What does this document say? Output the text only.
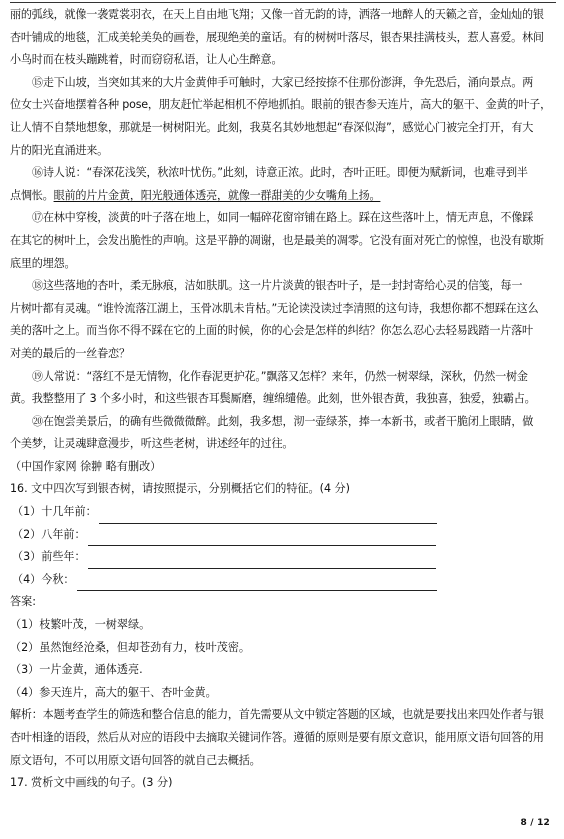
丽的弧线，就像一袭霓裳羽衣，在天上自由地飞翔；又像一首无韵的诗，洒落一地醉人的天籁之音，金灿灿的银
杏叶铺成的地毯，汇成美轮美奂的画卷，展现绝美的童话。有的树树叶落尽，银杏果挂满枝头，惹人喜爱。林间
小鸟时而在枝头蹦跳着，时而窃窃私语，让人心生醉意。

⑮走下山坡，当突如其来的大片金黄伸手可触时，大家已经按捺不住那份澎湃，争先恐后，涌向景点。两
位女士兴奋地摆着各种 pose，朋友赶忙举起相机不停地抓拍。眼前的银杏参天连片，高大的躯干、金黄的叶子，
让人情不自禁地想象，那就是一树树阳光。此刻，我莫名其妙地想起“春深似海”，感觉心门被完全打开，有大
片的阳光直涌进来。

⑯诗人说：“春深花浅笑，秋浓叶忧伤。”此刻，诗意正浓。此时，杏叶正旺。即便为赋新词，也难寻到半
点惆怅。眼前的片片金黄，阳光般通体透亮，就像一群甜美的少女嘴角上扬。

⑰在林中穿梭，淡黄的叶子落在地上，如同一幅碎花窗帘铺在路上。踩在这些落叶上，情无声息，不像踩
在其它的树叶上，会发出脆性的声响。这是平静的凋谢，也是最美的凋零。它没有面对死亡的惊惶，也没有歇斯
底里的埋怨。

⑱这些落地的杏叶，柔无脉痕，洁如肤肌。这一片片淡黄的银杏叶子，是一封封寄给心灵的信笺，每一
片树叶都有灵魂。“谁怜流落江湖上，玉骨冰肌未肯枯。”无论读没读过李清照的这句诗，我想你都不想踩在这么
美的落叶之上。而当你不得不踩在它的上面的时候，你的心会是怎样的纠结？你怎么忍心去轻易践踏一片落叶
对美的最后的一丝眷恋？

⑲人常说：“落红不是无情物，化作春泥更护花。”飘落又怎样？来年，仍然一树翠绿，深秋，仍然一树金
黄。我整整用了 3 个多小时，和这些银杏耳鬓厮磨，缠绵缱倦。此刻，世外银杏黄，我独喜，独爱，独霸占。

⑳在饱尝美景后，的确有些微微微醉。此刻，我多想，沏一壶绿茶，捧一本新书，或者干脆闭上眼睛，做
个美梦，让灵魂肆意漫步，听这些老树，讲述经年的过往。

（中国作家网 徐翀 略有删改）

16. 文中四次写到银杏树，请按照提示，分别概括它们的特征。(4 分)

（1）十几年前：
（2）八年前：
（3）前些年：
（4）今秋：

答案:

（1）枝繁叶茂，一树翠绿。

（2）虽然饱经沧桑，但却苍劲有力，枝叶茂密。

（3）一片金黄，通体透亮.

（4）参天连片，高大的躯干、杏叶金黄。

解析：本题考查学生的筛选和整合信息的能力，首先需要从文中锁定答题的区域，也就是要找出来四处作者与银
杏叶相逢的语段，然后从对应的语段中去摘取关键词作答。遵循的原则是要有原文意识，能用原文语句回答的用
原文语句，不可以用原文语句回答的就自己去概括。

17. 赏析文中画线的句子。(3 分)

8 / 12
